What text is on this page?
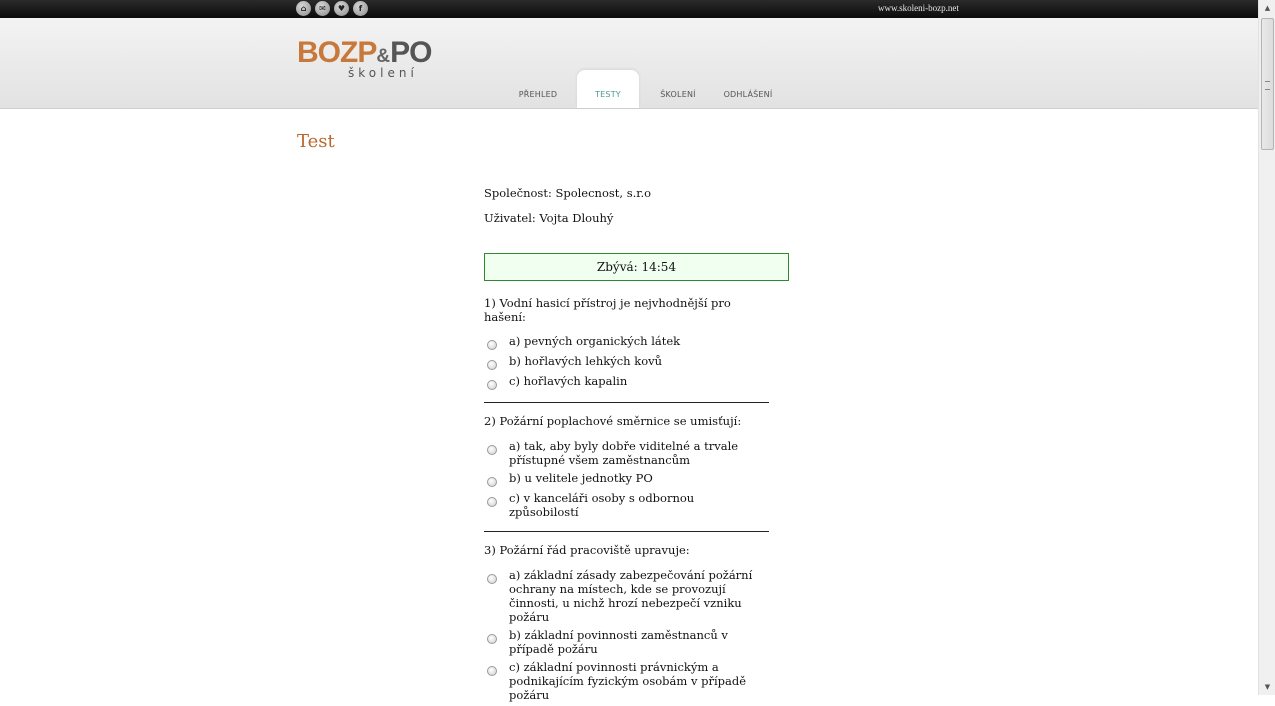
⌂	✉	♥	f	www.skoleni-bozp.net
BOZP&PO
školení
PŘEHLED	TESTY	ŠKOLENÍ	ODHLÁŠENÍ
Test

Společnost: Spolecnost, s.r.o

Uživatel: Vojta Dlouhý

Zbývá: 14:54
1) Vodní hasicí přístroj je nejvhodnější pro hašení:
a) pevných organických látek
b) hořlavých lehkých kovů
c) hořlavých kapalin
2) Požární poplachové směrnice se umisťují:
a) tak, aby byly dobře viditelné a trvale přístupné všem zaměstnancům
b) u velitele jednotky PO
c) v kanceláři osoby s odbornou způsobilostí
3) Požární řád pracoviště upravuje:
a) základní zásady zabezpečování požární ochrany na místech, kde se provozují činnosti, u nichž hrozí nebezpečí vzniku požáru
b) základní povinnosti zaměstnanců v případě požáru
c) základní povinnosti právnickým a podnikajícím fyzickým osobám v případě požáru
▲
▼
